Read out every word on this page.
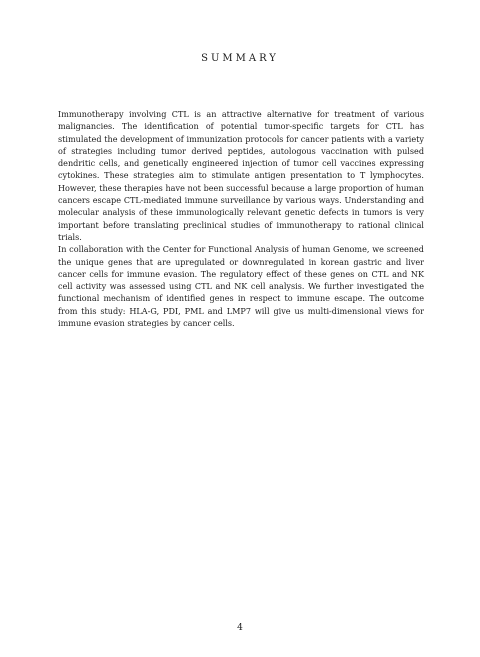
SUMMARY

Immunotherapy involving CTL is an attractive alternative for treatment of various malignancies. The identification of potential tumor-specific targets for CTL has stimulated the development of immunization protocols for cancer patients with a variety of strategies including tumor derived peptides, autologous vaccination with pulsed dendritic cells, and genetically engineered injection of tumor cell vaccines expressing cytokines. These strategies aim to stimulate antigen presentation to T lymphocytes. However, these therapies have not been successful because a large proportion of human cancers escape CTL-mediated immune surveillance by various ways. Understanding and molecular analysis of these immunologically relevant genetic defects in tumors is very important before translating preclinical studies of immunotherapy to rational clinical trials.

In collaboration with the Center for Functional Analysis of human Genome, we screened the unique genes that are upregulated or downregulated in korean gastric and liver cancer cells for immune evasion. The regulatory effect of these genes on CTL and NK cell activity was assessed using CTL and NK cell analysis. We further investigated the functional mechanism of identified genes in respect to immune escape. The outcome from this study: HLA-G, PDI, PML and LMP7 will give us multi-dimensional views for immune evasion strategies by cancer cells.

4
